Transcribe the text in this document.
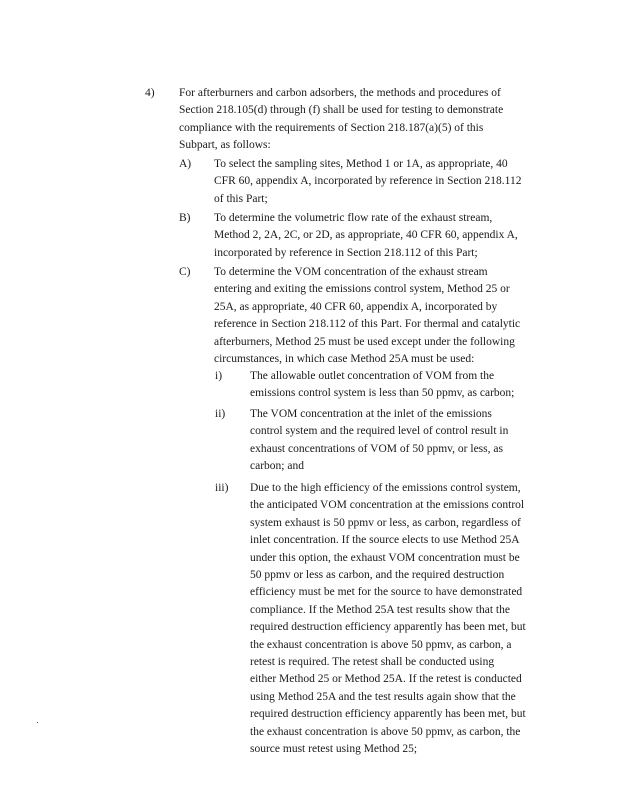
4) For afterburners and carbon adsorbers, the methods and procedures of
Section 218.105(d) through (f) shall be used for testing to demonstrate
compliance with the requirements of Section 218.187(a)(5) of this
Subpart, as follows:
A) To select the sampling sites, Method 1 or 1A, as appropriate, 40
CFR 60, appendix A, incorporated by reference in Section 218.112
of this Part;
B) To determine the volumetric flow rate of the exhaust stream,
Method 2, 2A, 2C, or 2D, as appropriate, 40 CFR 60, appendix A,
incorporated by reference in Section 218.112 of this Part;
C) To determine the VOM concentration of the exhaust stream
entering and exiting the emissions control system, Method 25 or
25A, as appropriate, 40 CFR 60, appendix A, incorporated by
reference in Section 218.112 of this Part. For thermal and catalytic
afterburners, Method 25 must be used except under the following
circumstances, in which case Method 25A must be used:
i) The allowable outlet concentration of VOM from the
emissions control system is less than 50 ppmv, as carbon;
ii) The VOM concentration at the inlet of the emissions
control system and the required level of control result in
exhaust concentrations of VOM of 50 ppmv, or less, as
carbon; and
iii) Due to the high efficiency of the emissions control system,
the anticipated VOM concentration at the emissions control
system exhaust is 50 ppmv or less, as carbon, regardless of
inlet concentration. If the source elects to use Method 25A
under this option, the exhaust VOM concentration must be
50 ppmv or less as carbon, and the required destruction
efficiency must be met for the source to have demonstrated
compliance. If the Method 25A test results show that the
required destruction efficiency apparently has been met, but
the exhaust concentration is above 50 ppmv, as carbon, a
retest is required. The retest shall be conducted using
either Method 25 or Method 25A. If the retest is conducted
using Method 25A and the test results again show that the
required destruction efficiency apparently has been met, but
the exhaust concentration is above 50 ppmv, as carbon, the
source must retest using Method 25;
